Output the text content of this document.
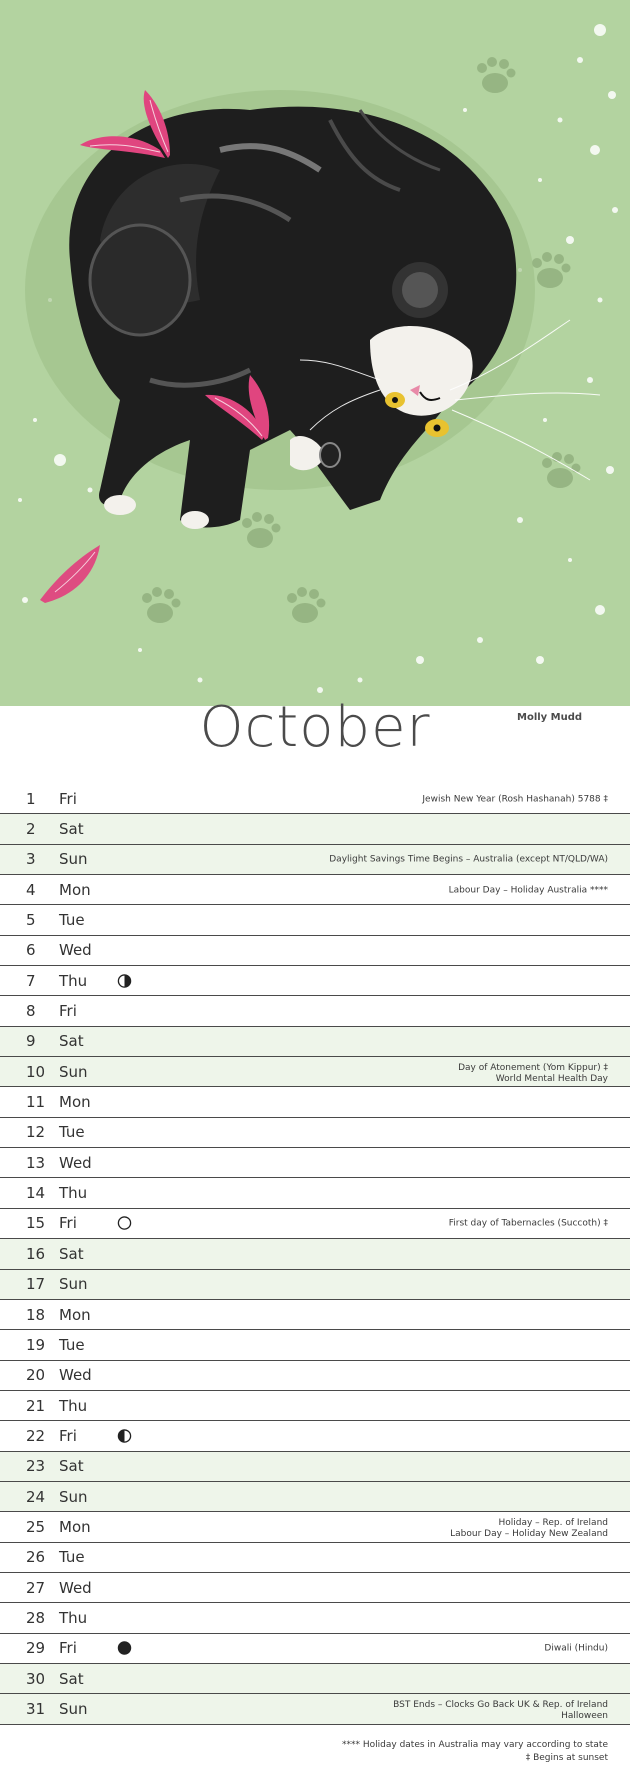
October	Molly Mudd
1 Fri	Jewish New Year (Rosh Hashanah) 5788 ‡
2 Sat
3 Sun	Daylight Savings Time Begins – Australia (except NT/QLD/WA)
4 Mon	Labour Day – Holiday Australia ****
5 Tue
6 Wed
7 Thu
8 Fri
9 Sat
10 Sun	Day of Atonement (Yom Kippur) ‡
World Mental Health Day
11 Mon
12 Tue
13 Wed
14 Thu
15 Fri	First day of Tabernacles (Succoth) ‡
16 Sat
17 Sun
18 Mon
19 Tue
20 Wed
21 Thu
22 Fri
23 Sat
24 Sun
25 Mon	Holiday – Rep. of Ireland
Labour Day – Holiday New Zealand
26 Tue
27 Wed
28 Thu
29 Fri	Diwali (Hindu)
30 Sat
31 Sun	BST Ends – Clocks Go Back UK & Rep. of Ireland
Halloween
**** Holiday dates in Australia may vary according to state
‡ Begins at sunset
